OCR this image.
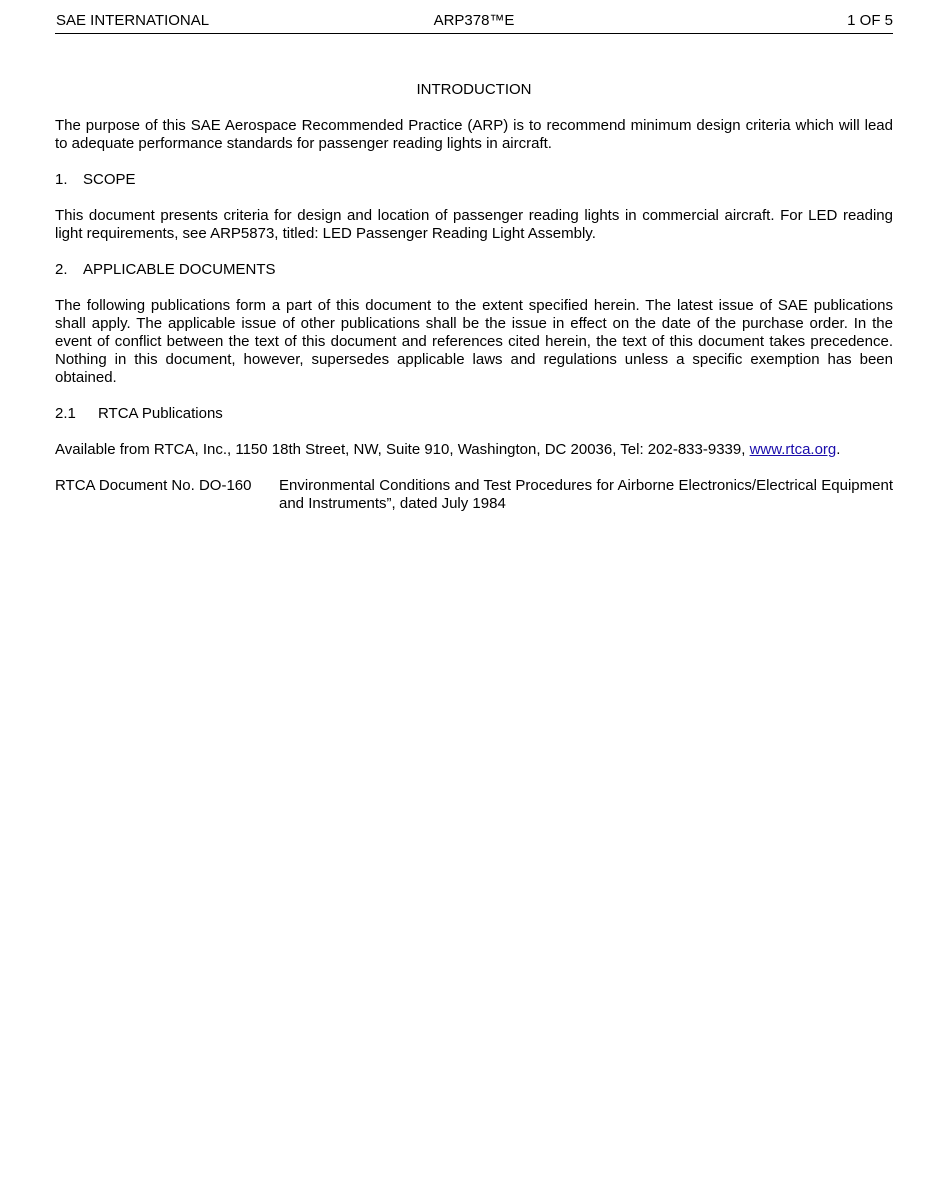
ARP378™E
SAE INTERNATIONAL	1 OF 5
INTRODUCTION

The purpose of this SAE Aerospace Recommended Practice (ARP) is to recommend minimum design criteria which will lead to adequate performance standards for passenger reading lights in aircraft.

1. SCOPE

This document presents criteria for design and location of passenger reading lights in commercial aircraft. For LED reading light requirements, see ARP5873, titled: LED Passenger Reading Light Assembly.

2. APPLICABLE DOCUMENTS

The following publications form a part of this document to the extent specified herein. The latest issue of SAE publications shall apply. The applicable issue of other publications shall be the issue in effect on the date of the purchase order. In the event of conflict between the text of this document and references cited herein, the text of this document takes precedence. Nothing in this document, however, supersedes applicable laws and regulations unless a specific exemption has been obtained.

2.1 RTCA Publications

Available from RTCA, Inc., 1150 18th Street, NW, Suite 910, Washington, DC 20036, Tel: 202-833-9339, www.rtca.org.

RTCA Document No. DO-160	Environmental Conditions and Test Procedures for Airborne Electronics/Electrical Equipment and Instruments”, dated July 1984
